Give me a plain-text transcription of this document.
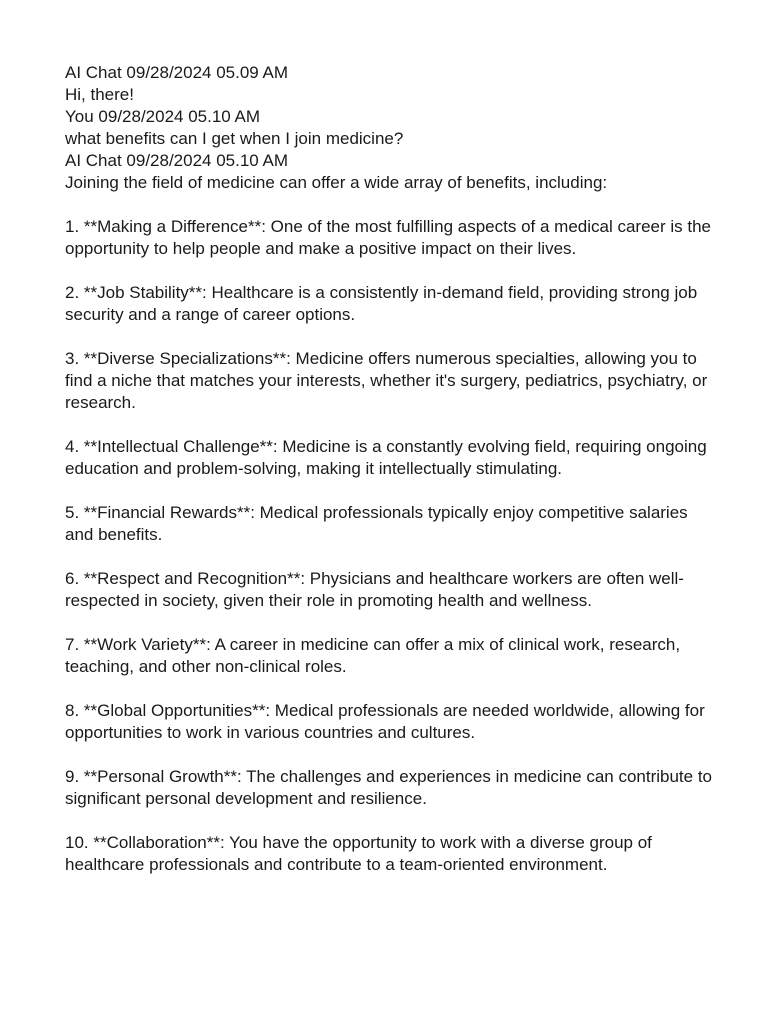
AI Chat 09/28/2024 05.09 AM
Hi, there!
You 09/28/2024 05.10 AM
what benefits can I get when I join medicine?
AI Chat 09/28/2024 05.10 AM
Joining the field of medicine can offer a wide array of benefits, including:

1. **Making a Difference**: One of the most fulfilling aspects of a medical career is the opportunity to help people and make a positive impact on their lives.

2. **Job Stability**: Healthcare is a consistently in-demand field, providing strong job security and a range of career options.

3. **Diverse Specializations**: Medicine offers numerous specialties, allowing you to find a niche that matches your interests, whether it's surgery, pediatrics, psychiatry, or research.

4. **Intellectual Challenge**: Medicine is a constantly evolving field, requiring ongoing education and problem-solving, making it intellectually stimulating.

5. **Financial Rewards**: Medical professionals typically enjoy competitive salaries and benefits.

6. **Respect and Recognition**: Physicians and healthcare workers are often well-respected in society, given their role in promoting health and wellness.

7. **Work Variety**: A career in medicine can offer a mix of clinical work, research, teaching, and other non-clinical roles.

8. **Global Opportunities**: Medical professionals are needed worldwide, allowing for opportunities to work in various countries and cultures.

9. **Personal Growth**: The challenges and experiences in medicine can contribute to significant personal development and resilience.

10. **Collaboration**: You have the opportunity to work with a diverse group of healthcare professionals and contribute to a team-oriented environment.
